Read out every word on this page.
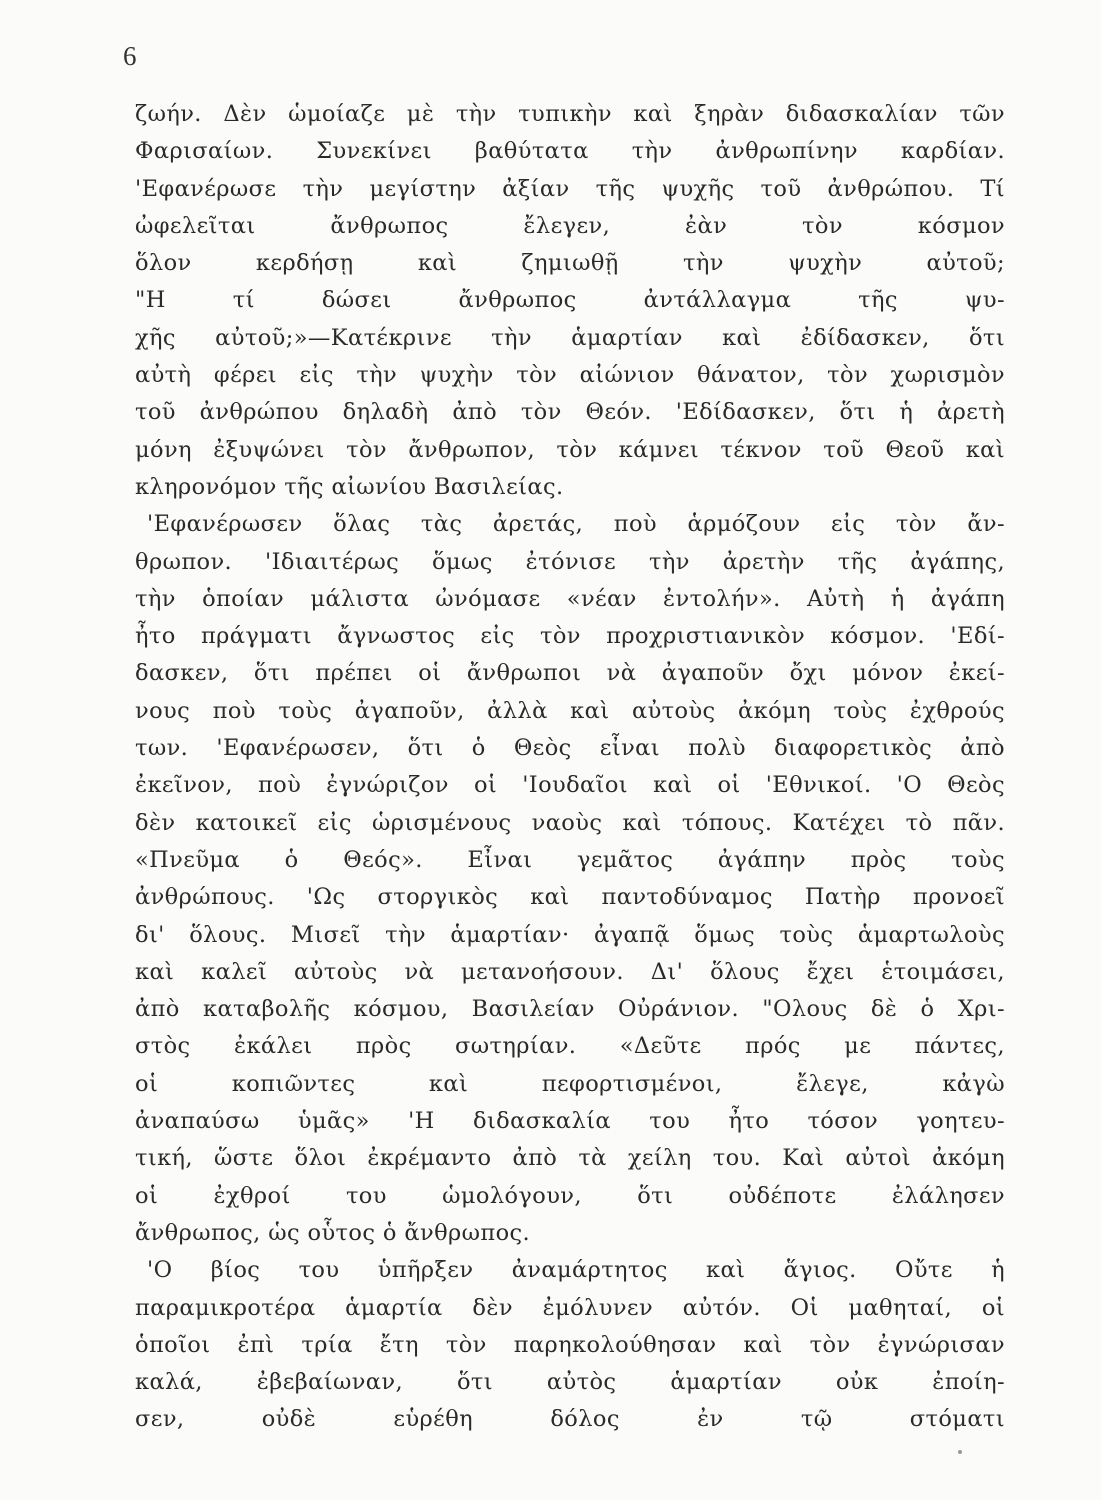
6
ζωήν. Δὲν ὡμοίαζε μὲ τὴν τυπικὴν καὶ ξηρὰν διδασκαλίαν τῶν
Φαρισαίων. Συνεκίνει βαθύτατα τὴν ἀνθρωπίνην καρδίαν.
'Εφανέρωσε τὴν μεγίστην ἀξίαν τῆς ψυχῆς τοῦ ἀνθρώπου. Τί
ὠφελεῖται ἄνθρωπος ἔλεγεν, ἐὰν τὸν κόσμον
ὅλον κερδήσῃ καὶ ζημιωθῇ τὴν ψυχὴν αὐτοῦ;
"Η τί δώσει ἄνθρωπος ἀντάλλαγμα τῆς ψυ-
χῆς αὐτοῦ;»—Κατέκρινε τὴν ἁμαρτίαν καὶ ἐδίδασκεν, ὅτι
αὐτὴ φέρει εἰς τὴν ψυχὴν τὸν αἰώνιον θάνατον, τὸν χωρισμὸν
τοῦ ἀνθρώπου δηλαδὴ ἀπὸ τὸν Θεόν. 'Εδίδασκεν, ὅτι ἡ ἀρετὴ
μόνη ἐξυψώνει τὸν ἄνθρωπον, τὸν κάμνει τέκνον τοῦ Θεοῦ καὶ
κληρονόμον τῆς αἰωνίου Βασιλείας.
'Εφανέρωσεν ὅλας τὰς ἀρετάς, ποὺ ἁρμόζουν εἰς τὸν ἄν-
θρωπον. 'Ιδιαιτέρως ὅμως ἐτόνισε τὴν ἀρετὴν τῆς ἀγάπης,
τὴν ὁποίαν μάλιστα ὠνόμασε «νέαν ἐντολήν». Αὐτὴ ἡ ἀγάπη
ἦτο πράγματι ἄγνωστος εἰς τὸν προχριστιανικὸν κόσμον. 'Εδί-
δασκεν, ὅτι πρέπει οἱ ἄνθρωποι νὰ ἀγαποῦν ὄχι μόνον ἐκεί-
νους ποὺ τοὺς ἀγαποῦν, ἀλλὰ καὶ αὐτοὺς ἀκόμη τοὺς ἐχθρούς
των. 'Εφανέρωσεν, ὅτι ὁ Θεὸς εἶναι πολὺ διαφορετικὸς ἀπὸ
ἐκεῖνον, ποὺ ἐγνώριζον οἱ 'Ιουδαῖοι καὶ οἱ 'Εθνικοί. 'Ο Θεὸς
δὲν κατοικεῖ εἰς ὡρισμένους ναοὺς καὶ τόπους. Κατέχει τὸ πᾶν.
«Πνεῦμα ὁ Θεός». Εἶναι γεμᾶτος ἀγάπην πρὸς τοὺς
ἀνθρώπους. 'Ως στοργικὸς καὶ παντοδύναμος Πατὴρ προνοεῖ
δι' ὅλους. Μισεῖ τὴν ἁμαρτίαν· ἀγαπᾷ ὅμως τοὺς ἁμαρτωλοὺς
καὶ καλεῖ αὐτοὺς νὰ μετανοήσουν. Δι' ὅλους ἔχει ἑτοιμάσει,
ἀπὸ καταβολῆς κόσμου, Βασιλείαν Οὐράνιον. "Ολους δὲ ὁ Χρι-
στὸς ἐκάλει πρὸς σωτηρίαν. «Δεῦτε πρός με πάντες,
οἱ κοπιῶντες καὶ πεφορτισμένοι, ἔλεγε, κἀγὼ
ἀναπαύσω ὑμᾶς» 'Η διδασκαλία του ἦτο τόσον γοητευ-
τική, ὥστε ὅλοι ἐκρέμαντο ἀπὸ τὰ χείλη του. Καὶ αὐτοὶ ἀκόμη
οἱ ἐχθροί του ὡμολόγουν, ὅτι οὐδέποτε ἐλάλησεν
ἄνθρωπος, ὡς οὗτος ὁ ἄνθρωπος.
'Ο βίος του ὑπῆρξεν ἀναμάρτητος καὶ ἅγιος. Οὔτε ἡ
παραμικροτέρα ἁμαρτία δὲν ἐμόλυνεν αὐτόν. Οἱ μαθηταί, οἱ
ὁποῖοι ἐπὶ τρία ἔτη τὸν παρηκολούθησαν καὶ τὸν ἐγνώρισαν
καλά, ἐβεβαίωναν, ὅτι αὐτὸς ἁμαρτίαν οὐκ ἐποίη-
σεν, οὐδὲ εὑρέθη δόλος ἐν τῷ στόματι
